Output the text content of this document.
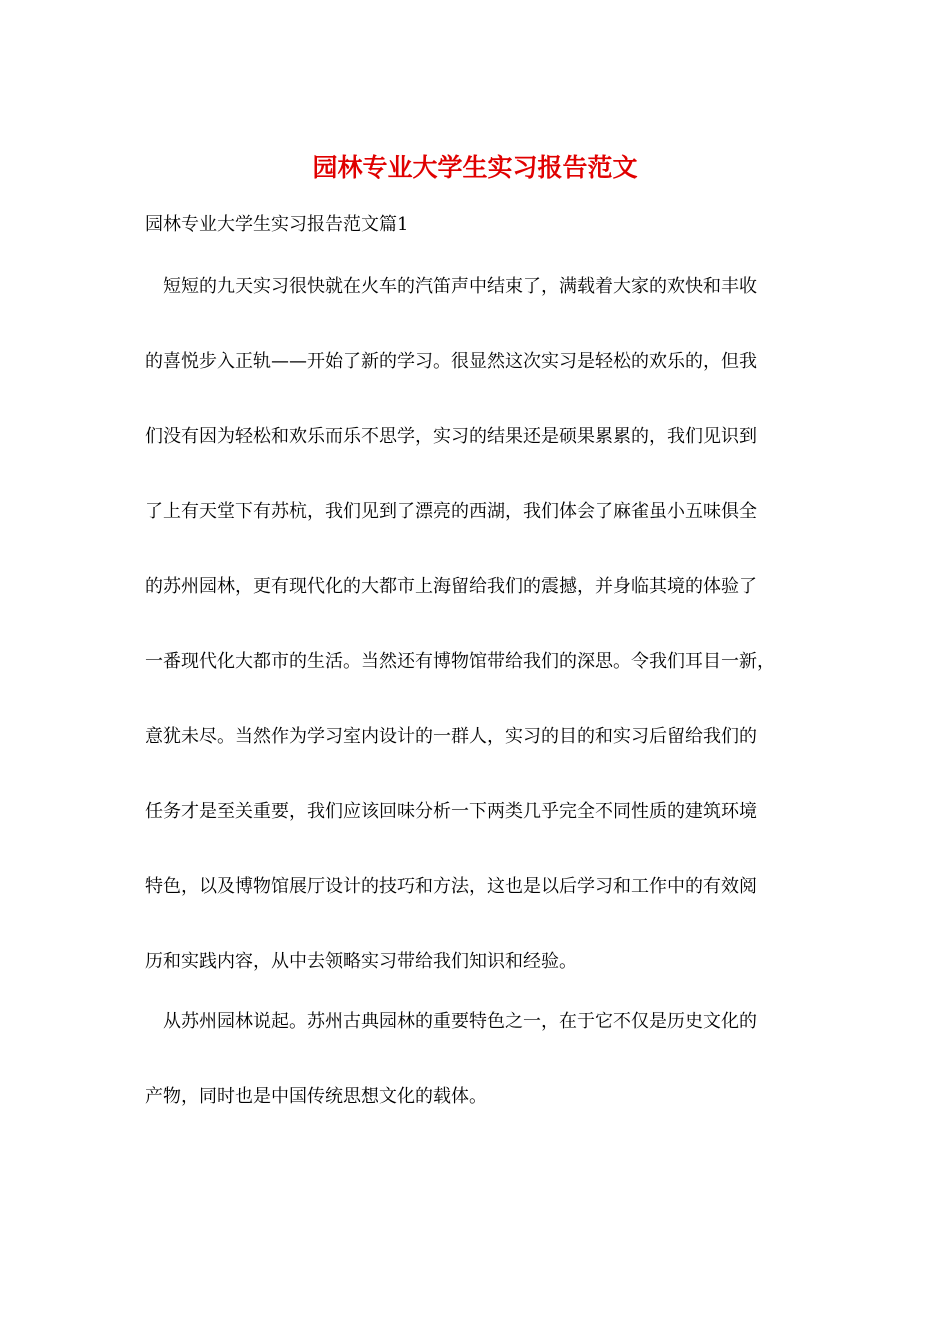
园林专业大学生实习报告范文

园林专业大学生实习报告范文篇1

短短的九天实习很快就在火车的汽笛声中结束了，满载着大家的欢快和丰收
的喜悦步入正轨——开始了新的学习。很显然这次实习是轻松的欢乐的，但我
们没有因为轻松和欢乐而乐不思学，实习的结果还是硕果累累的，我们见识到
了上有天堂下有苏杭，我们见到了漂亮的西湖，我们体会了麻雀虽小五味俱全
的苏州园林，更有现代化的大都市上海留给我们的震撼，并身临其境的体验了
一番现代化大都市的生活。当然还有博物馆带给我们的深思。令我们耳目一新，
意犹未尽。当然作为学习室内设计的一群人，实习的目的和实习后留给我们的
任务才是至关重要，我们应该回味分析一下两类几乎完全不同性质的建筑环境
特色，以及博物馆展厅设计的技巧和方法，这也是以后学习和工作中的有效阅
历和实践内容，从中去领略实习带给我们知识和经验。

从苏州园林说起。苏州古典园林的重要特色之一，在于它不仅是历史文化的
产物，同时也是中国传统思想文化的载体。
